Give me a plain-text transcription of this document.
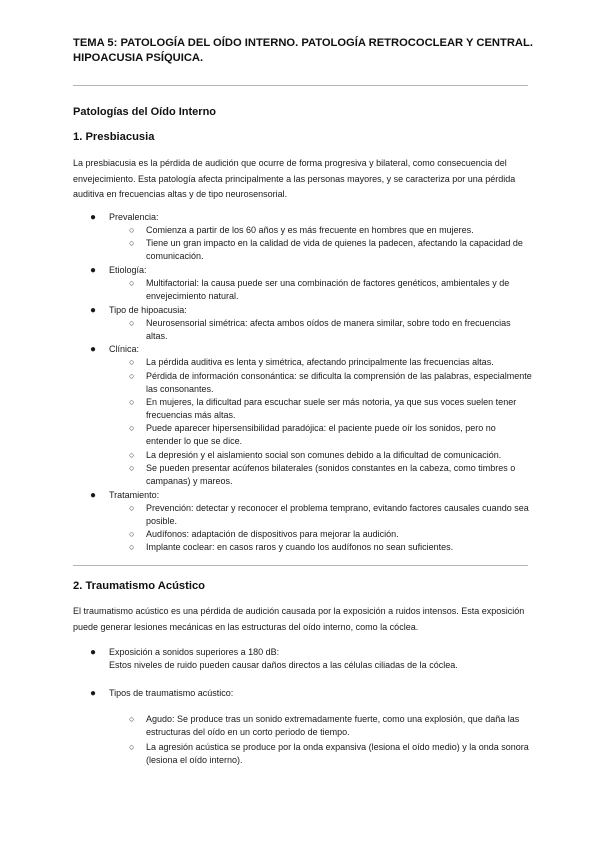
TEMA 5: PATOLOGÍA DEL OÍDO INTERNO. PATOLOGÍA RETROCOCLEAR Y CENTRAL. HIPOACUSIA PSÍQUICA.
Patologías del Oído Interno
1. Presbiacusia

La presbiacusia es la pérdida de audición que ocurre de forma progresiva y bilateral, como consecuencia del envejecimiento. Esta patología afecta principalmente a las personas mayores, y se caracteriza por una pérdida auditiva en frecuencias altas y de tipo neurosensorial.

● Prevalencia:
○ Comienza a partir de los 60 años y es más frecuente en hombres que en mujeres.
○ Tiene un gran impacto en la calidad de vida de quienes la padecen, afectando la capacidad de comunicación.
● Etiología:
○ Multifactorial: la causa puede ser una combinación de factores genéticos, ambientales y de envejecimiento natural.
● Tipo de hipoacusia:
○ Neurosensorial simétrica: afecta ambos oídos de manera similar, sobre todo en frecuencias altas.
● Clínica:
○ La pérdida auditiva es lenta y simétrica, afectando principalmente las frecuencias altas.
○ Pérdida de información consonántica: se dificulta la comprensión de las palabras, especialmente las consonantes.
○ En mujeres, la dificultad para escuchar suele ser más notoria, ya que sus voces suelen tener frecuencias más altas.
○ Puede aparecer hipersensibilidad paradójica: el paciente puede oír los sonidos, pero no entender lo que se dice.
○ La depresión y el aislamiento social son comunes debido a la dificultad de comunicación.
○ Se pueden presentar acúfenos bilaterales (sonidos constantes en la cabeza, como timbres o campanas) y mareos.
● Tratamiento:
○ Prevención: detectar y reconocer el problema temprano, evitando factores causales cuando sea posible.
○ Audífonos: adaptación de dispositivos para mejorar la audición.
○ Implante coclear: en casos raros y cuando los audífonos no sean suficientes.
2. Traumatismo Acústico

El traumatismo acústico es una pérdida de audición causada por la exposición a ruidos intensos. Esta exposición puede generar lesiones mecánicas en las estructuras del oído interno, como la cóclea.

● Exposición a sonidos superiores a 180 dB:
Estos niveles de ruido pueden causar daños directos a las células ciliadas de la cóclea.
● Tipos de traumatismo acústico:
○ Agudo: Se produce tras un sonido extremadamente fuerte, como una explosión, que daña las estructuras del oído en un corto periodo de tiempo.
○ La agresión acústica se produce por la onda expansiva (lesiona el oído medio) y la onda sonora (lesiona el oído interno).
